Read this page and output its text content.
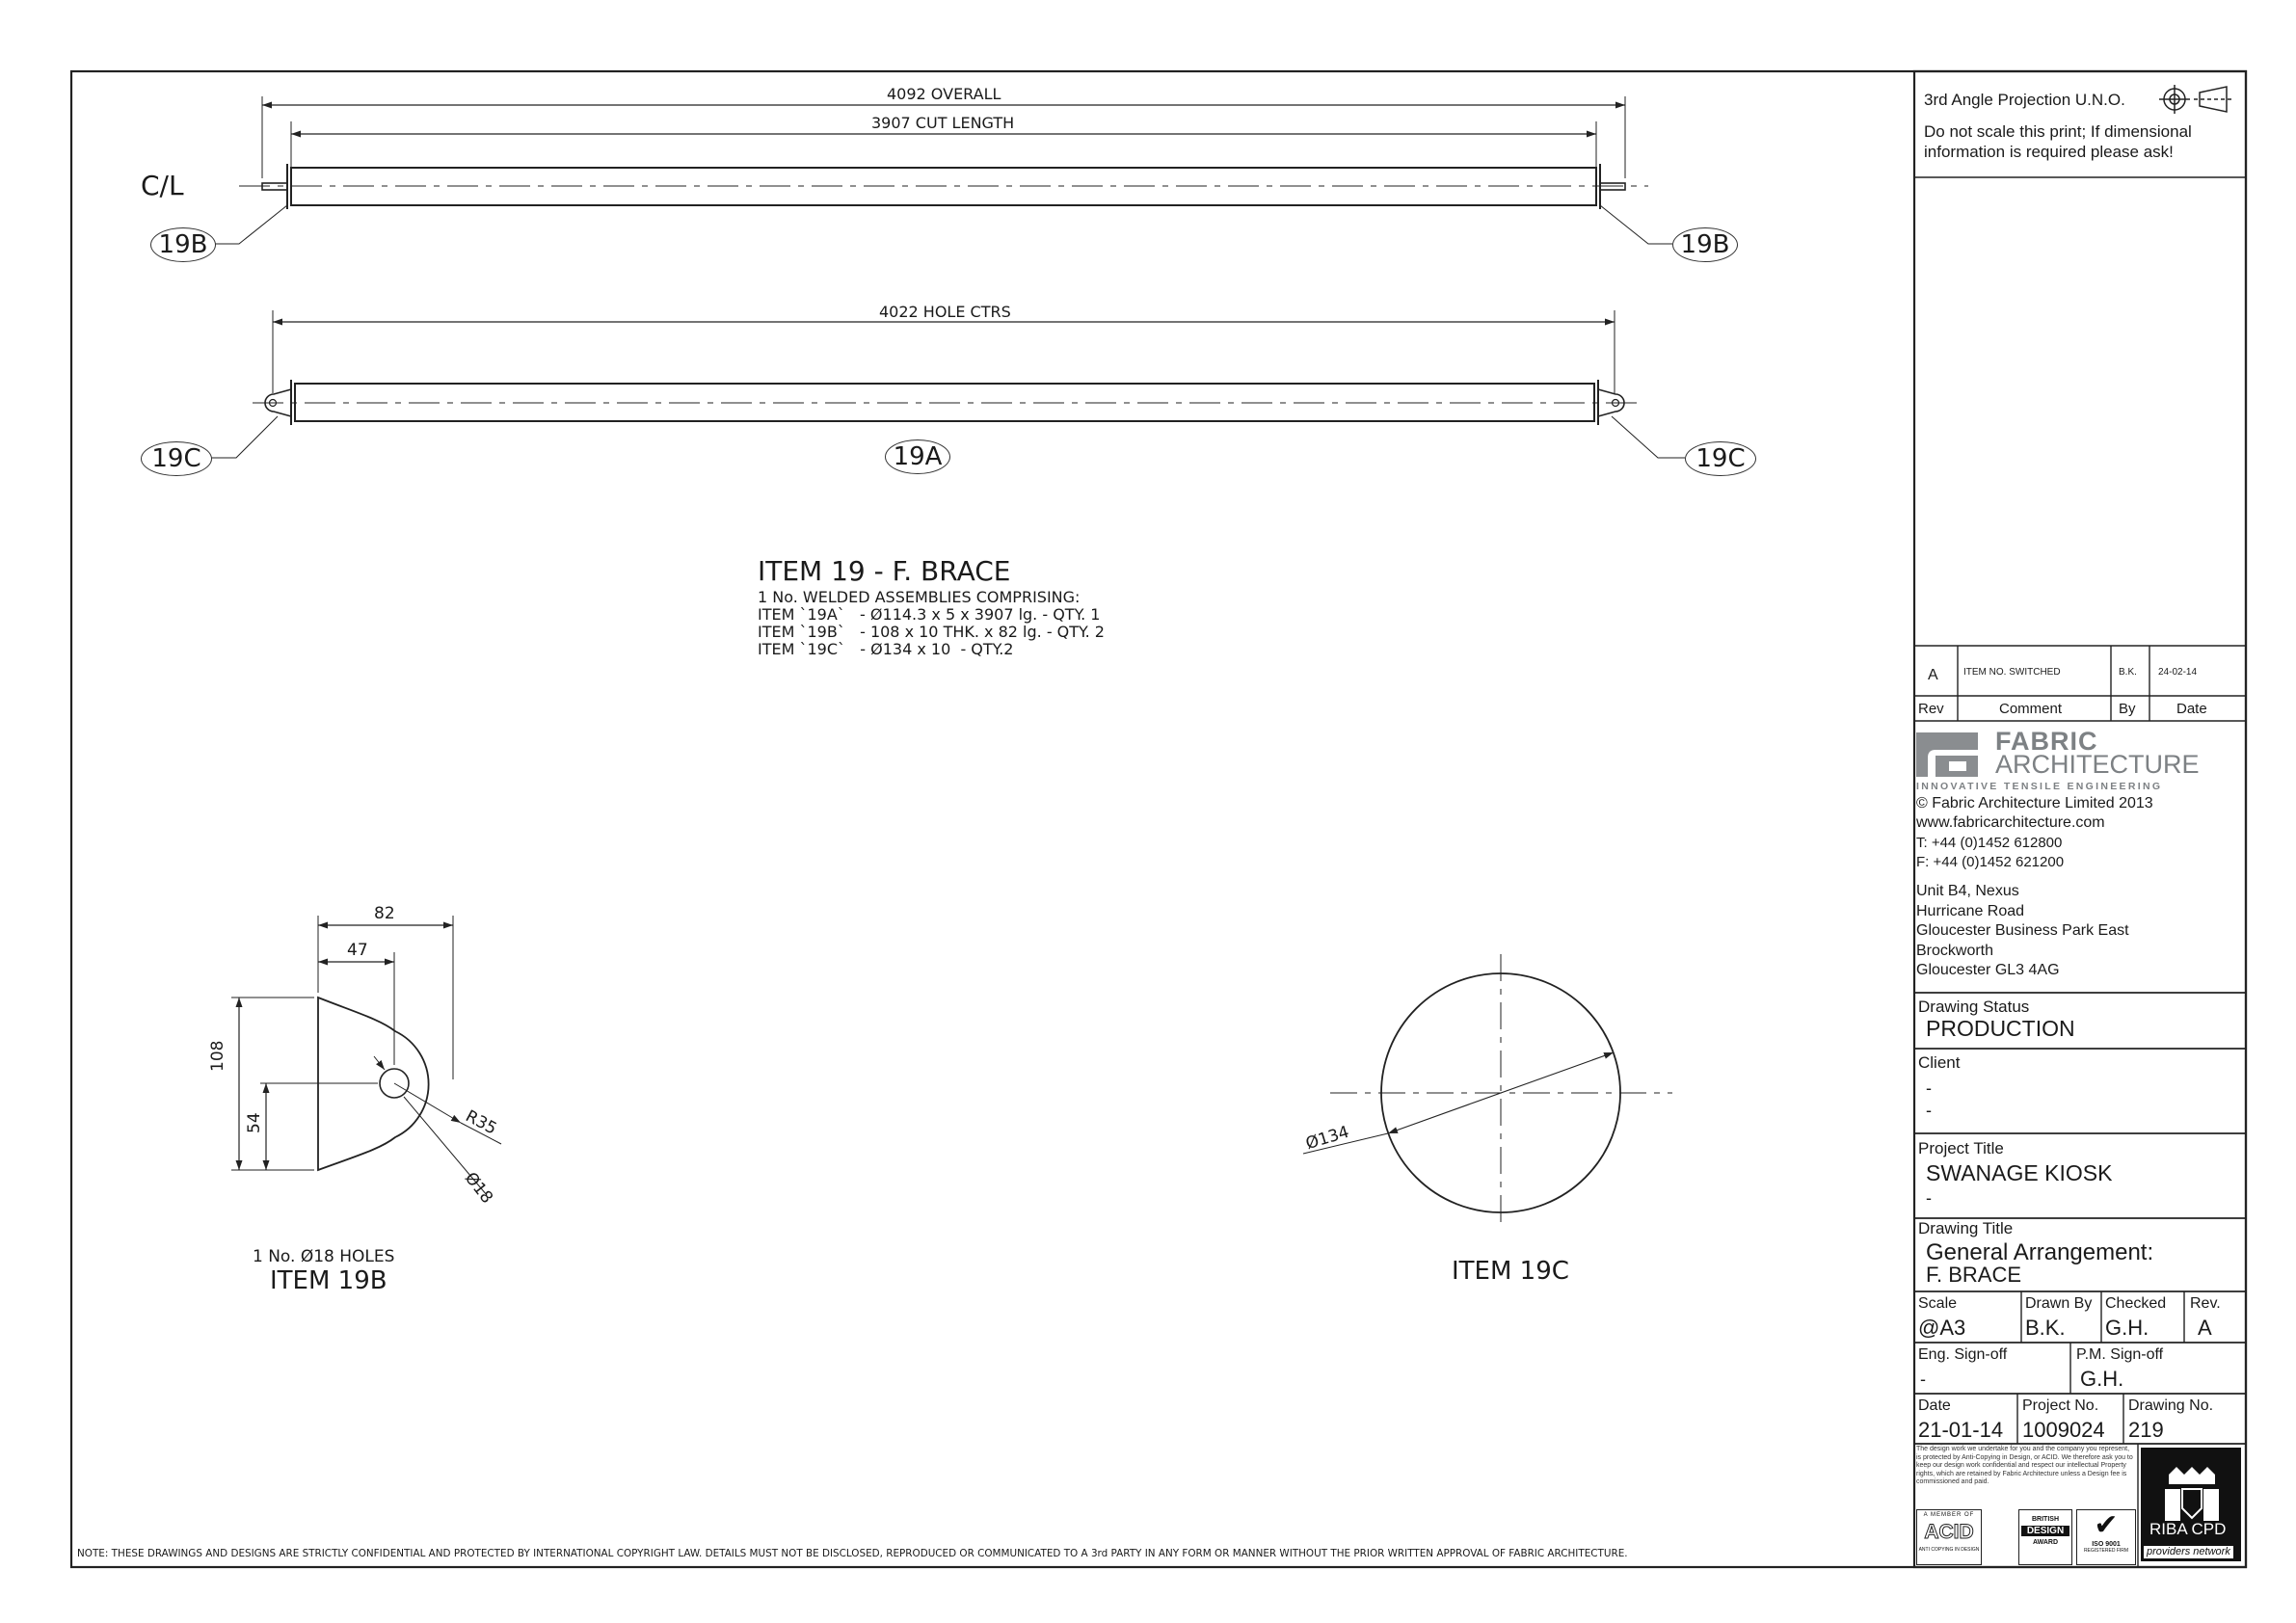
4092 OVERALL
3907 CUT LENGTH
C/L
19B	19B
4022 HOLE CTRS
19C	19A	19C
ITEM 19 - F. BRACE
1 No. WELDED ASSEMBLIES COMPRISING:
ITEM `19A`   - Ø114.3 x 5 x 3907 lg. - QTY. 1
ITEM `19B`   - 108 x 10 THK. x 82 lg. - QTY. 2
ITEM `19C`   - Ø134 x 10  - QTY.2
82
47
108
54	R35
Ø18
1 No. Ø18 HOLES
ITEM 19B
Ø134
ITEM 19C
NOTE: THESE DRAWINGS AND DESIGNS ARE STRICTLY CONFIDENTIAL AND PROTECTED BY INTERNATIONAL COPYRIGHT LAW. DETAILS MUST NOT BE DISCLOSED, REPRODUCED OR COMMUNICATED TO A 3rd PARTY IN ANY FORM OR MANNER WITHOUT THE PRIOR WRITTEN APPROVAL OF FABRIC ARCHITECTURE.
3rd Angle Projection U.N.O.
Do not scale this print; If dimensional
information is required please ask!
A	ITEM NO. SWITCHED	B.K. 24-02-14
Rev	Comment	By	Date
FABRIC
ARCHITECTURE
INNOVATIVE TENSILE ENGINEERING
© Fabric Architecture Limited 2013
www.fabricarchitecture.com
T: +44 (0)1452 612800
F: +44 (0)1452 621200
Unit B4, Nexus
Hurricane Road
Gloucester Business Park East
Brockworth
Gloucester GL3 4AG
Drawing Status
PRODUCTION
Client
-
-
Project Title
SWANAGE KIOSK
-
Drawing Title
General Arrangement:
F. BRACE
Scale
@A3
Drawn By
B.K.
Checked
G.H.
Rev.
A
Eng. Sign-off
-
P.M. Sign-off
G.H.
Date
21-01-14
Project No.
1009024
Drawing No.
219
The design work we undertake for you and the company you represent, is protected by Anti-Copying in Design, or ACID. We therefore ask you to keep our design work confidential and respect our intellectual Property rights, which are retained by Fabric Architecture unless a Design fee is commissioned and paid.
A MEMBER OF
ACID
ANTI COPYING IN DESIGN
BRITISH
DESIGN
AWARD
✔
ISO 9001
REGISTERED FIRM
RIBA CPD
providers network
